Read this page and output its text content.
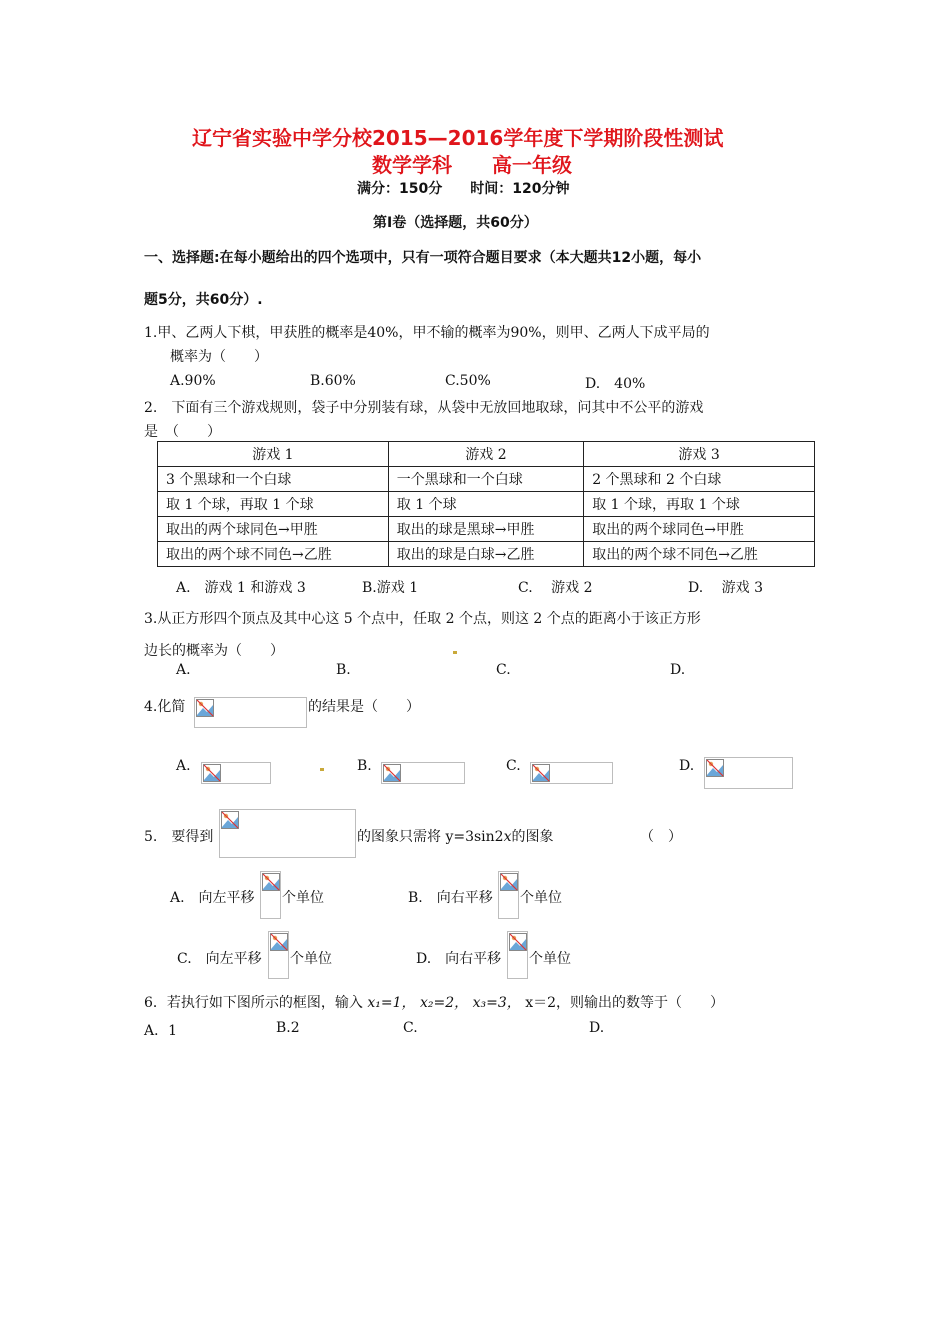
辽宁省实验中学分校2015—2016学年度下学期阶段性测试
数学学科　　高一年级
满分：150分　　时间：120分钟
第Ⅰ卷（选择题，共60分）
一、选择题:在每小题给出的四个选项中，只有一项符合题目要求（本大题共12小题，每小
题5分，共60分）.
1.甲、乙两人下棋，甲获胜的概率是40%，甲不输的概率为90%，则甲、乙两人下成平局的
概率为（　　）
A.90%	B.60%	C.50%	D.　40%
2.　下面有三个游戏规则，袋子中分别装有球，从袋中无放回地取球，问其中不公平的游戏
是　（　　）
游戏 1	游戏 2	游戏 3
3 个黑球和一个白球	一个黑球和一个白球	2 个黑球和 2 个白球
取 1 个球，再取 1 个球	取 1 个球	取 1 个球，再取 1 个球
取出的两个球同色→甲胜	取出的球是黑球→甲胜	取出的两个球同色→甲胜
取出的两个球不同色→乙胜	取出的球是白球→乙胜	取出的两个球不同色→乙胜
A.　游戏 1 和游戏 3	B.游戏 1	C.　 游戏 2	D.　 游戏 3
3.从正方形四个顶点及其中心这 5 个点中，任取 2 个点，则这 2 个点的距离小于该正方形
边长的概率为（　　）
A.	B.	C.	D.
4.化简	的结果是（　　）
A.	B.	C.	D.
5.　要得到	的图象只需将 y=3sin2x的图象	（　）
A.　向左平移 个单位	B.　向右平移 个单位
C.　向左平移 个单位	D.　向右平移 个单位
6．若执行如下图所示的框图，输入 x₁=1， x₂=2， x₃=3， x＝2，则输出的数等于（　　）
A．1	B.2	C.	D.
